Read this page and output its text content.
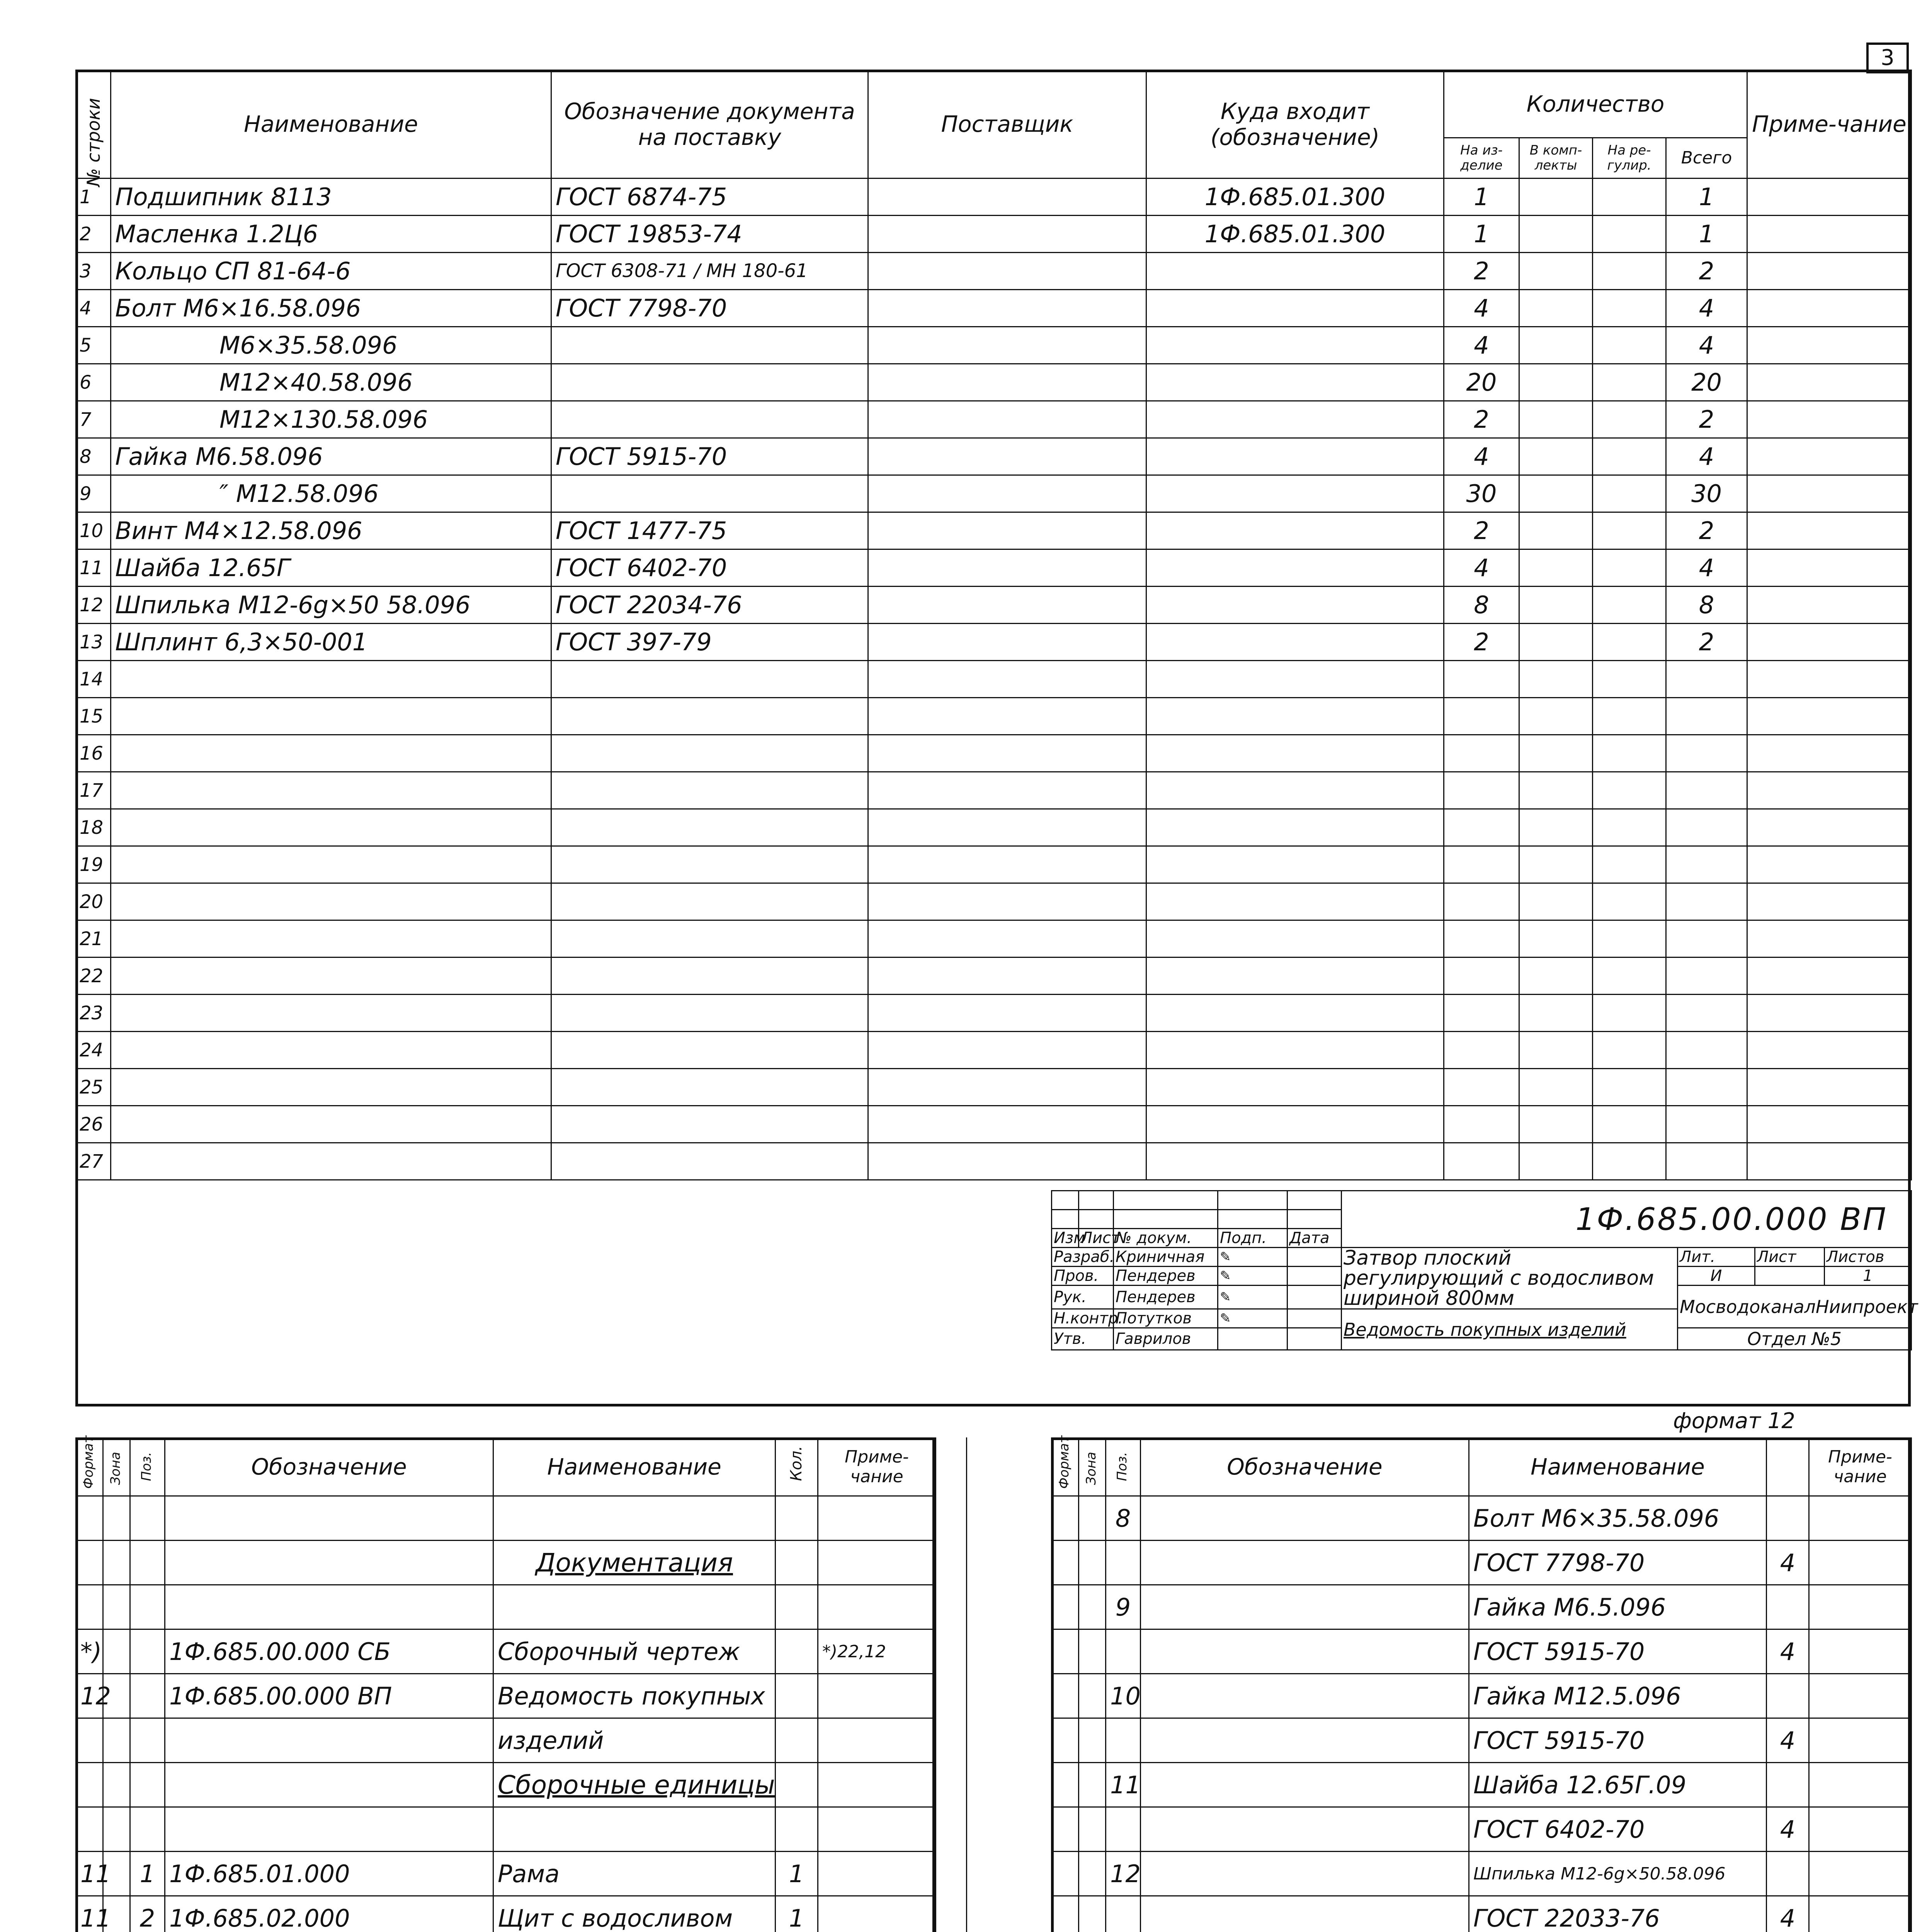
3
№ строки	Наименование	Обозначение документа на поставку	Поставщик	Куда входит (обозначение)	Количество				Приме-чание
					На из-делие	В комп-лекты	На ре-гулир.	Всего	
1	Подшипник 8113	ГОСТ 6874-75		1Ф.685.01.300	1			1	
2	Масленка 1.2Ц6	ГОСТ 19853-74		1Ф.685.01.300	1			1	
3	Кольцо СП 81-64-6	ГОСТ 6308-71 / МН 180-61			2			2	
4	Болт М6×16.58.096	ГОСТ 7798-70			4			4	
5	М6×35.58.096				4			4	
6	М12×40.58.096				20			20	
7	М12×130.58.096				2			2	
8	Гайка М6.58.096	ГОСТ 5915-70			4			4	
9	″ М12.58.096				30			30	
10	Винт М4×12.58.096	ГОСТ 1477-75			2			2	
11	Шайба 12.65Г	ГОСТ 6402-70			4			4	
12	Шпилька М12-6g×50 58.096	ГОСТ 22034-76			8			8	
13	Шплинт 6,3×50-001	ГОСТ 397-79			2			2	
14									
15									
16									
17									
18									
19									
20									
21									
22									
23									
24									
25									
26									
27									
					1Ф.685.00.000 ВП			

Изм	Лист	№ докум.	Подп.	Дата				
Разраб.		Криничная	✎		Затвор плоский регулирующий с водосливом шириной 800мм	Лит.	Лист	Листов
Пров.		Пендерев	✎			И		1
Рук.		Пендерев	✎			МосводоканалНиипроект		
Н.контр.		Потутков	✎		Ведомость покупных изделий			
Утв.		Гаврилов				Отдел №5		
формат 12
Формат	Зона	Поз.	Обозначение	Наименование	Кол.	Приме-чание

				Документация		

*)			1Ф.685.00.000 СБ	Сборочный чертеж		*)22,12
12			1Ф.685.00.000 ВП	Ведомость покупных		
				изделий		
				Сборочные единицы		

11		1	1Ф.685.01.000	Рама	1	
11		2	1Ф.685.02.000	Щит с водосливом	1	

Формат	Зона	Поз.	Обозначение	Наименование		Приме-чание
		8		Болт М6×35.58.096		
				ГОСТ 7798-70	4	
		9		Гайка М6.5.096		
				ГОСТ 5915-70	4	
		10		Гайка М12.5.096		
				ГОСТ 5915-70	4	
		11		Шайба 12.65Г.09		
				ГОСТ 6402-70	4	
		12		Шпилька М12-6g×50.58.096		
				ГОСТ 22033-76	4	
